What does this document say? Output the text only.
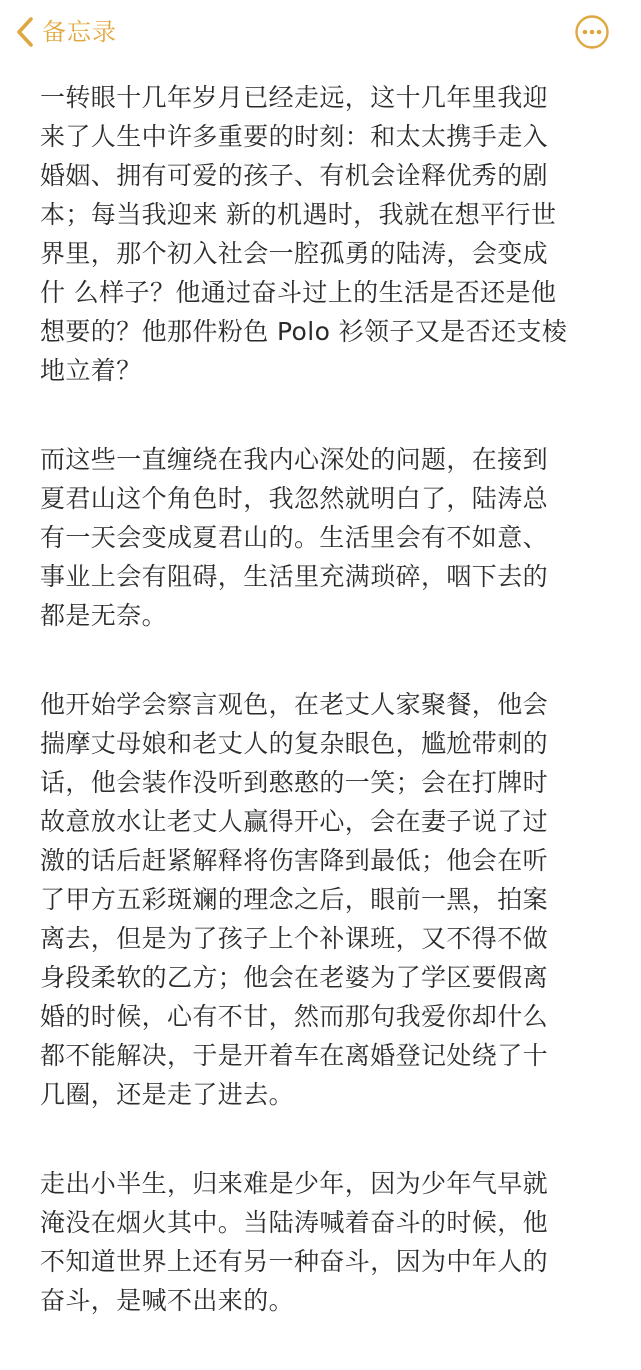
备忘录
一转眼十几年岁月已经走远，这十几年里我迎
来了人生中许多重要的时刻：和太太携手走入
婚姻、拥有可爱的孩子、有机会诠释优秀的剧
本；每当我迎来 新的机遇时，我就在想平行世
界里，那个初入社会一腔孤勇的陆涛，会变成
什 么样子？他通过奋斗过上的生活是否还是他
想要的？他那件粉色 Polo 衫领子又是否还支棱
地立着？
而这些一直缠绕在我内心深处的问题，在接到
夏君山这个角色时，我忽然就明白了，陆涛总
有一天会变成夏君山的。生活里会有不如意、
事业上会有阻碍，生活里充满琐碎，咽下去的
都是无奈。
他开始学会察言观色，在老丈人家聚餐，他会
揣摩丈母娘和老丈人的复杂眼色，尴尬带刺的
话，他会装作没听到憨憨的一笑；会在打牌时
故意放水让老丈人赢得开心，会在妻子说了过
激的话后赶紧解释将伤害降到最低；他会在听
了甲方五彩斑斓的理念之后，眼前一黑，拍案
离去，但是为了孩子上个补课班，又不得不做
身段柔软的乙方；他会在老婆为了学区要假离
婚的时候，心有不甘，然而那句我爱你却什么
都不能解决，于是开着车在离婚登记处绕了十
几圈，还是走了进去。
走出小半生，归来难是少年，因为少年气早就
淹没在烟火其中。当陆涛喊着奋斗的时候，他
不知道世界上还有另一种奋斗，因为中年人的
奋斗，是喊不出来的。
